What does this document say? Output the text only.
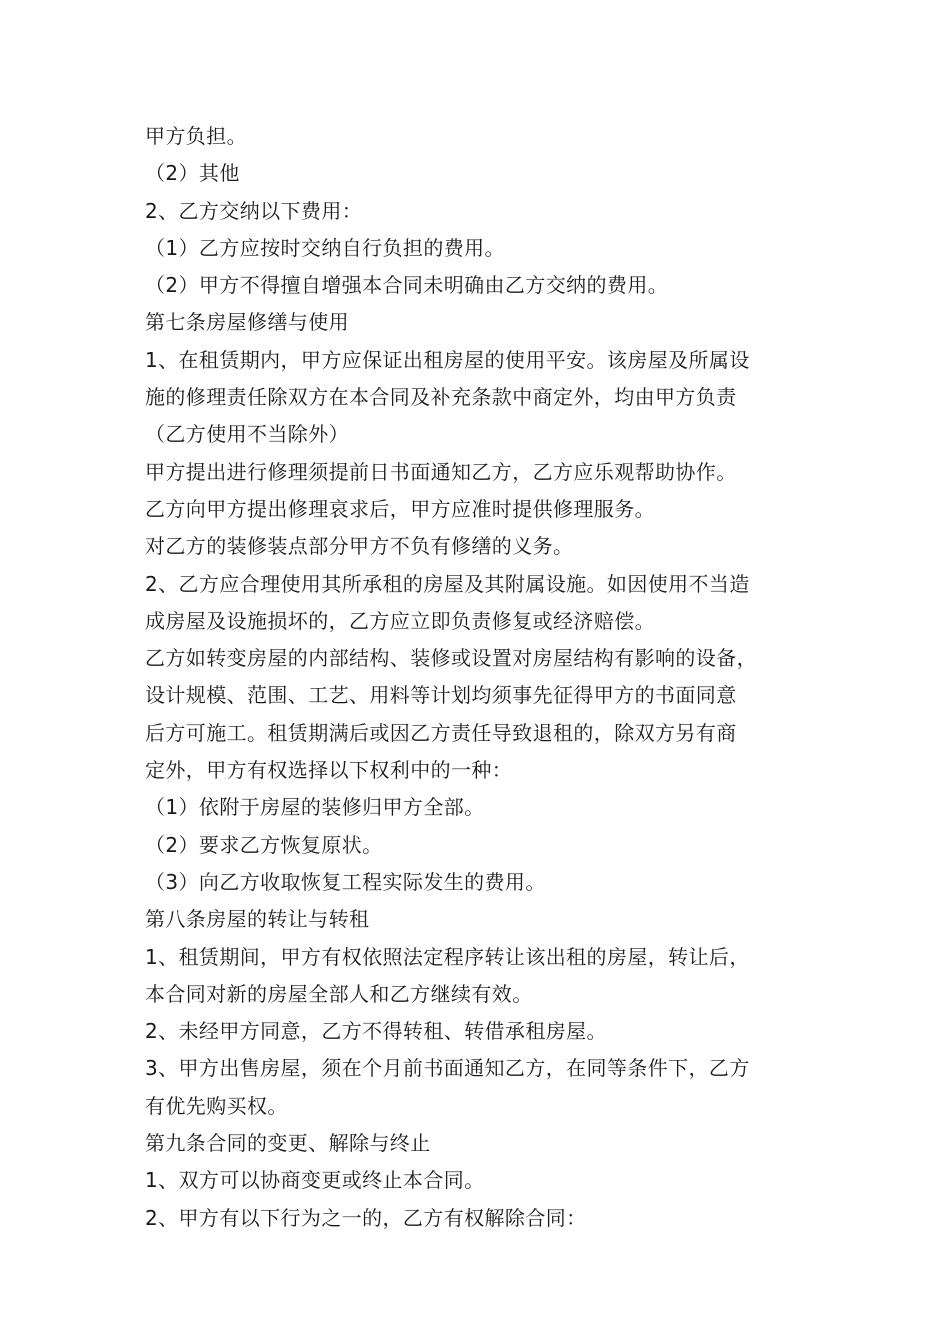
甲方负担。
（2）其他
2、乙方交纳以下费用：
（1）乙方应按时交纳自行负担的费用。
（2）甲方不得擅自增强本合同未明确由乙方交纳的费用。
第七条房屋修缮与使用
1、在租赁期内，甲方应保证出租房屋的使用平安。该房屋及所属设
施的修理责任除双方在本合同及补充条款中商定外，均由甲方负责
（乙方使用不当除外）
甲方提出进行修理须提前日书面通知乙方，乙方应乐观帮助协作。
乙方向甲方提出修理哀求后，甲方应准时提供修理服务。
对乙方的装修装点部分甲方不负有修缮的义务。
2、乙方应合理使用其所承租的房屋及其附属设施。如因使用不当造
成房屋及设施损坏的，乙方应立即负责修复或经济赔偿。
乙方如转变房屋的内部结构、装修或设置对房屋结构有影响的设备，
设计规模、范围、工艺、用料等计划均须事先征得甲方的书面同意
后方可施工。租赁期满后或因乙方责任导致退租的，除双方另有商
定外，甲方有权选择以下权利中的一种：
（1）依附于房屋的装修归甲方全部。
（2）要求乙方恢复原状。
（3）向乙方收取恢复工程实际发生的费用。
第八条房屋的转让与转租
1、租赁期间，甲方有权依照法定程序转让该出租的房屋，转让后，
本合同对新的房屋全部人和乙方继续有效。
2、未经甲方同意，乙方不得转租、转借承租房屋。
3、甲方出售房屋，须在个月前书面通知乙方，在同等条件下，乙方
有优先购买权。
第九条合同的变更、解除与终止
1、双方可以协商变更或终止本合同。
2、甲方有以下行为之一的，乙方有权解除合同：
